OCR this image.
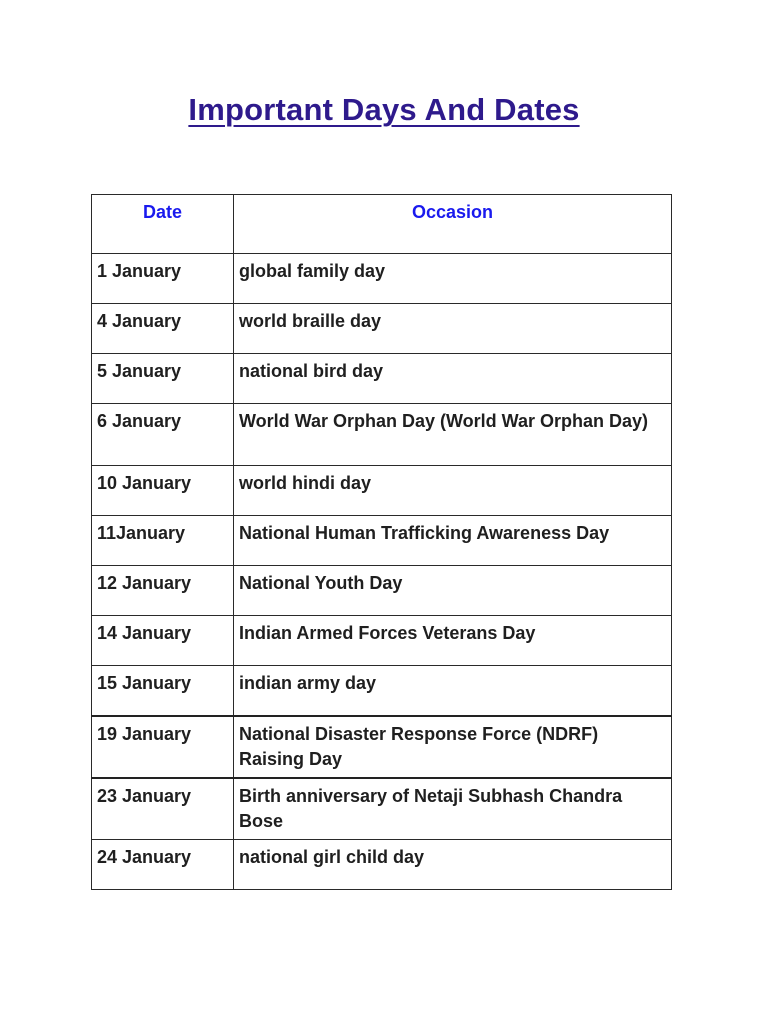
Important Days And Dates
Date	Occasion
1 January	global family day
4 January	world braille day
5 January	national bird day
6 January	World War Orphan Day (World War Orphan Day)
10 January	world hindi day
11January	National Human Trafficking Awareness Day
12 January	National Youth Day
14 January	Indian Armed Forces Veterans Day
15 January	indian army day
19 January	National Disaster Response Force (NDRF) Raising Day
23 January	Birth anniversary of Netaji Subhash Chandra Bose
24 January	national girl child day
